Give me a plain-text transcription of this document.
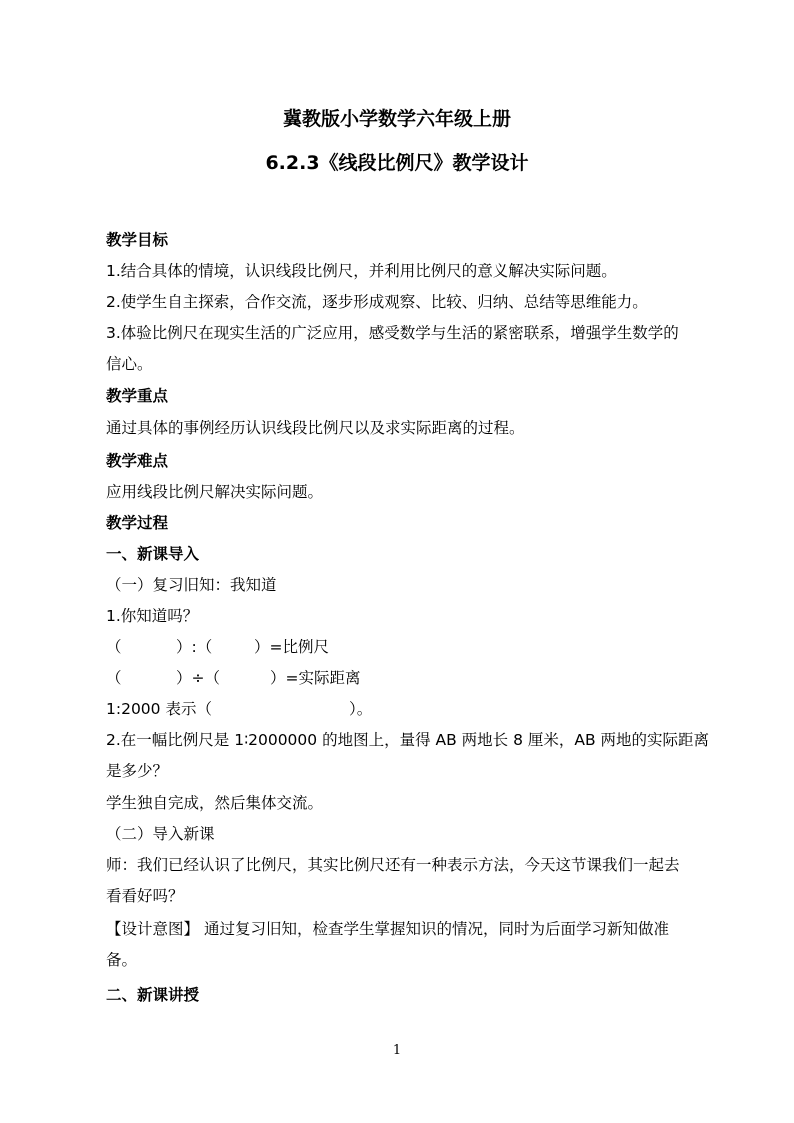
冀教版小学数学六年级上册
6.2.3《线段比例尺》教学设计
教学目标
1.结合具体的情境，认识线段比例尺，并利用比例尺的意义解决实际问题。
2.使学生自主探索，合作交流，逐步形成观察、比较、归纳、总结等思维能力。
3.体验比例尺在现实生活的广泛应用，感受数学与生活的紧密联系，增强学生数学的
信心。
教学重点
通过具体的事例经历认识线段比例尺以及求实际距离的过程。
教学难点
应用线段比例尺解决实际问题。
教学过程
一、新课导入
（一）复习旧知：我知道
1.你知道吗？
（	）:（	）=比例尺
（	）÷（	）=实际距离
1:2000 表示（	）。
2.在一幅比例尺是 1∶2000000 的地图上，量得 AB 两地长 8 厘米，AB 两地的实际距离
是多少？
学生独自完成，然后集体交流。
（二）导入新课
师：我们已经认识了比例尺，其实比例尺还有一种表示方法，今天这节课我们一起去
看看好吗？
【设计意图】 通过复习旧知，检查学生掌握知识的情况，同时为后面学习新知做准
备。
二、新课讲授
1
